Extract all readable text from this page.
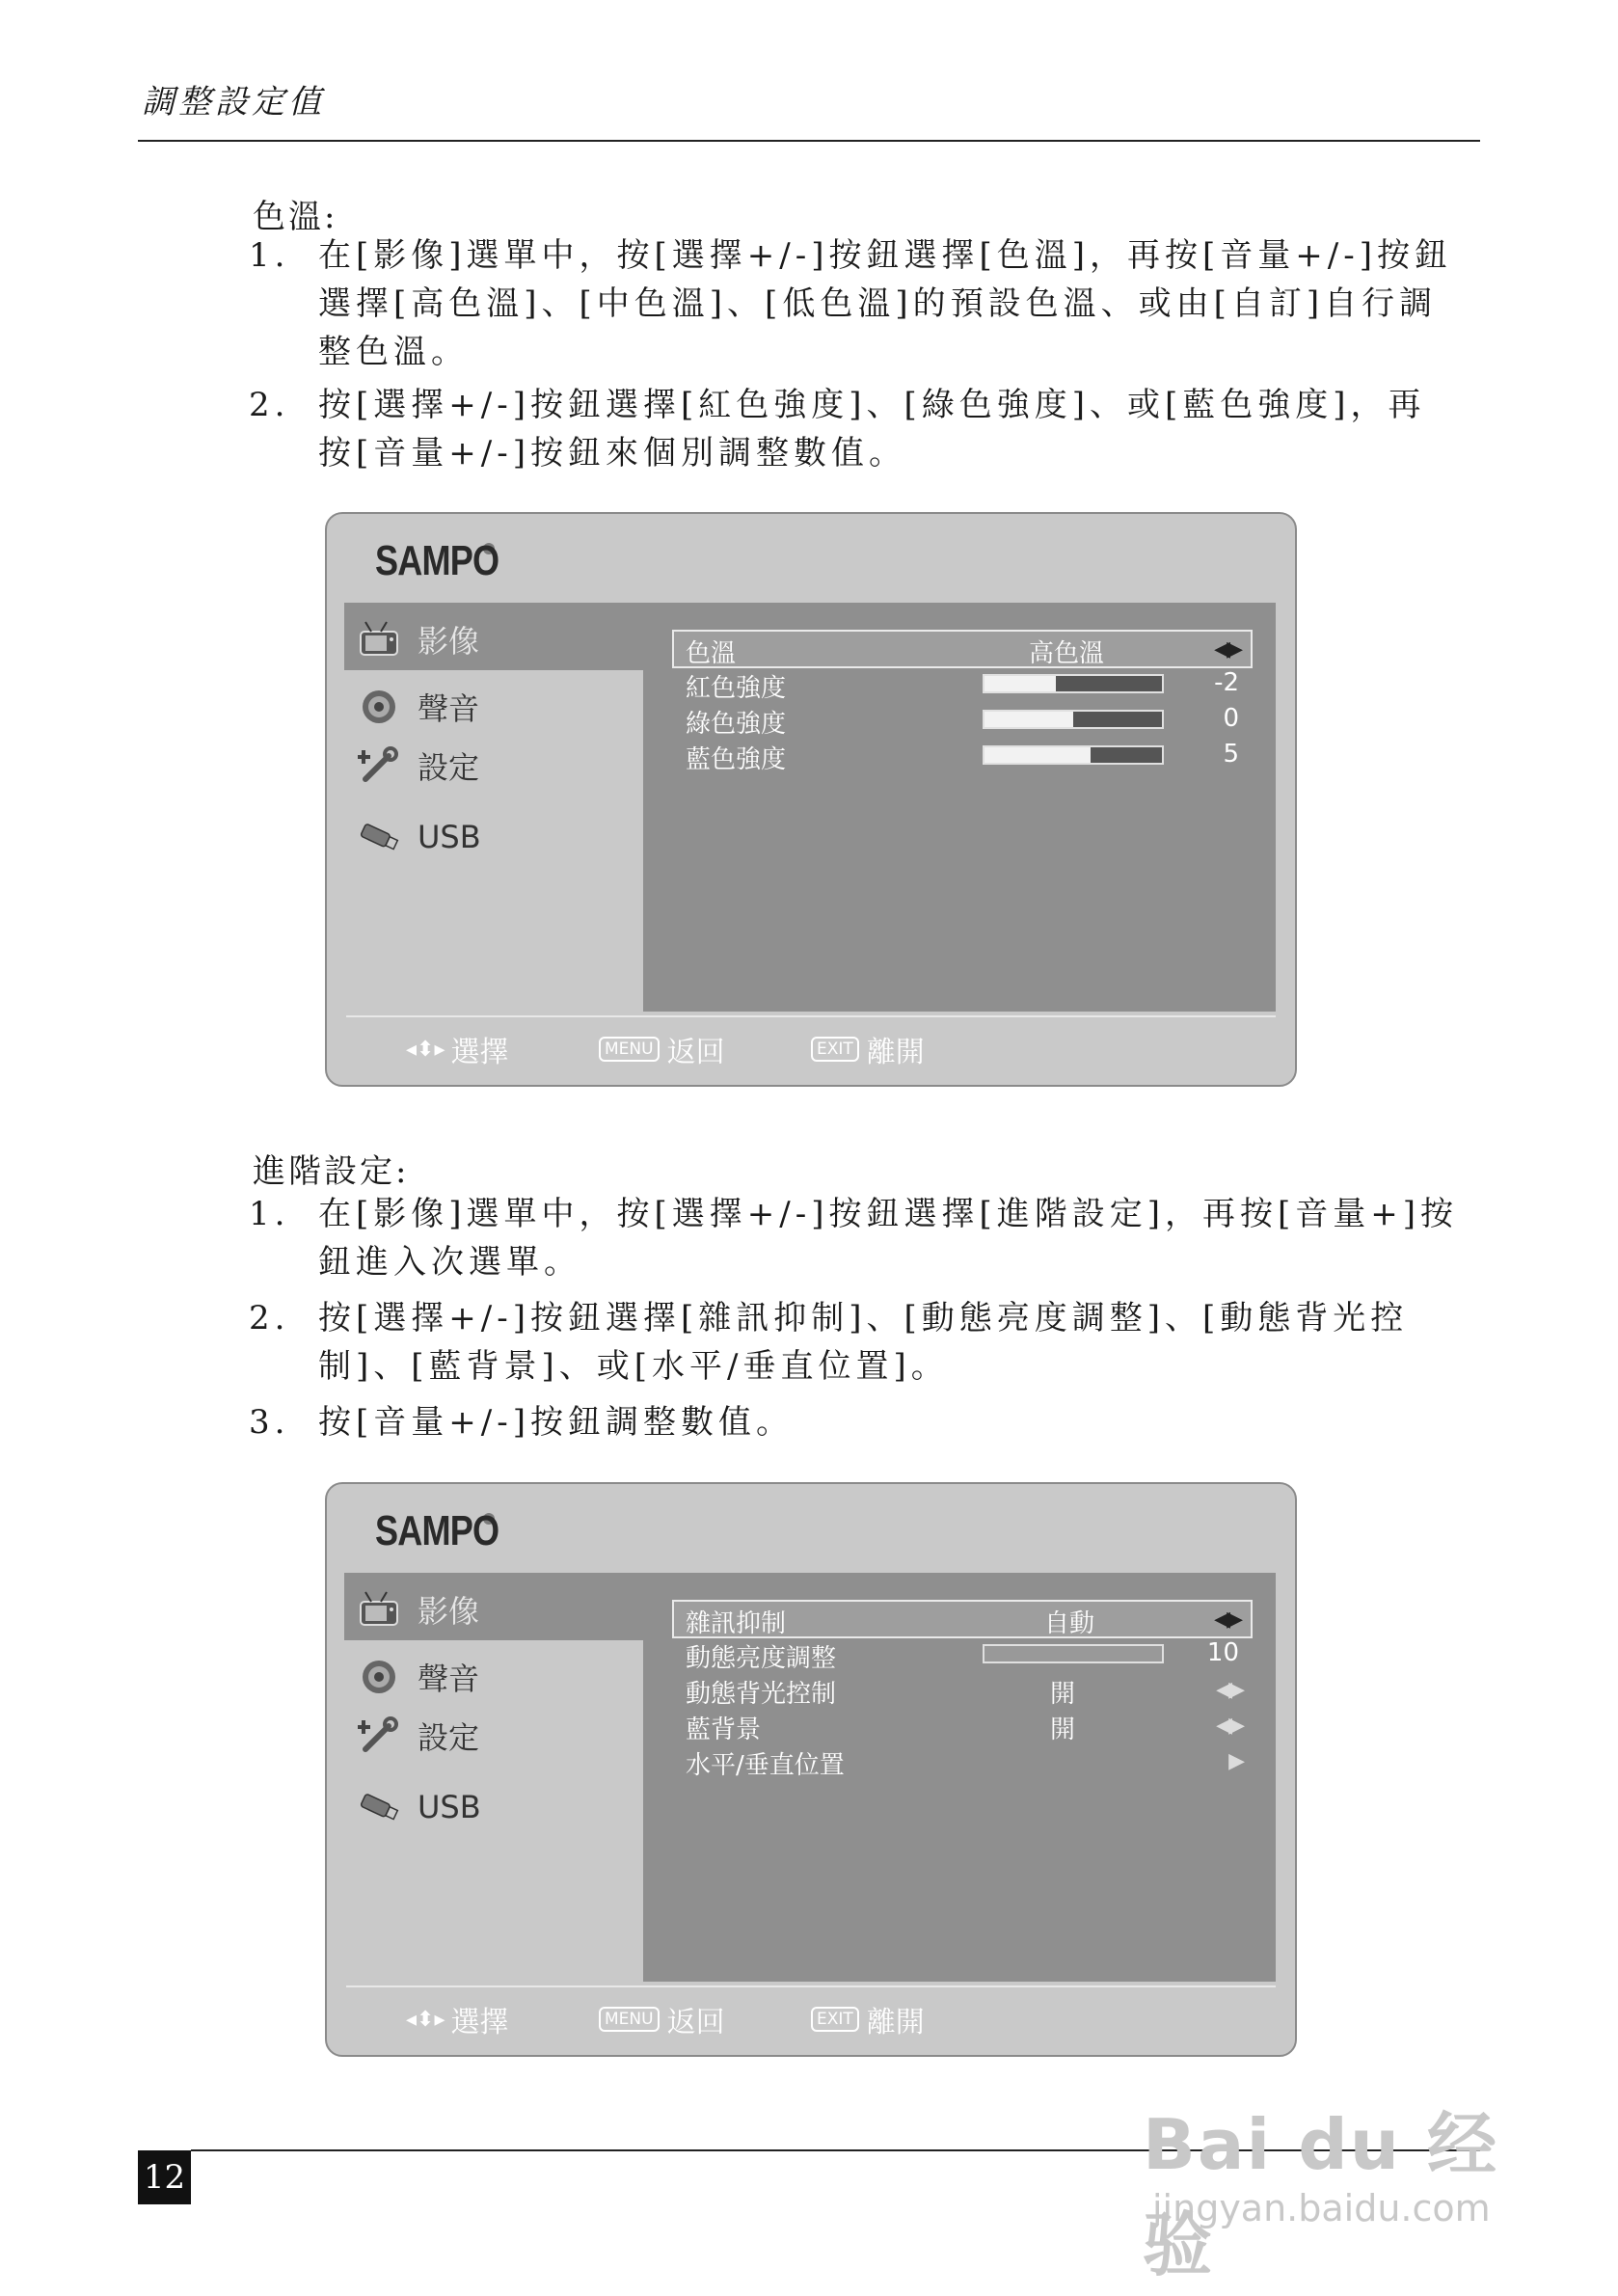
調整設定值
色溫:
1. 在[影像]選單中，按[選擇+/-]按鈕選擇[色溫]，再按[音量+/-]按鈕
選擇[高色溫]、[中色溫]、[低色溫]的預設色溫、或由[自訂]自行調
整色溫。
2. 按[選擇+/-]按鈕選擇[紅色強度]、[綠色強度]、或[藍色強度]，再
按[音量+/-]按鈕來個別調整數值。
SAMPO
影像
聲音
設定
USB
色溫	高色溫	◀▶
紅色強度	-2
綠色強度	0
藍色強度	5
◂⬍▸ 選擇	MENU 返回	EXIT 離開
進階設定:
1. 在[影像]選單中，按[選擇+/-]按鈕選擇[進階設定]，再按[音量+]按
鈕進入次選單。
2. 按[選擇+/-]按鈕選擇[雜訊抑制]、[動態亮度調整]、[動態背光控
制]、[藍背景]、或[水平/垂直位置]。
3. 按[音量+/-]按鈕調整數值。
SAMPO
影像
聲音
設定
USB
雜訊抑制	自動	◀▶
動態亮度調整	10
動態背光控制	開	◀▶
藍背景	開	◀▶
水平/垂直位置	▶
◂⬍▸ 選擇	MENU 返回	EXIT 離開
12	Bai du 经验
jingyan.baidu.com
